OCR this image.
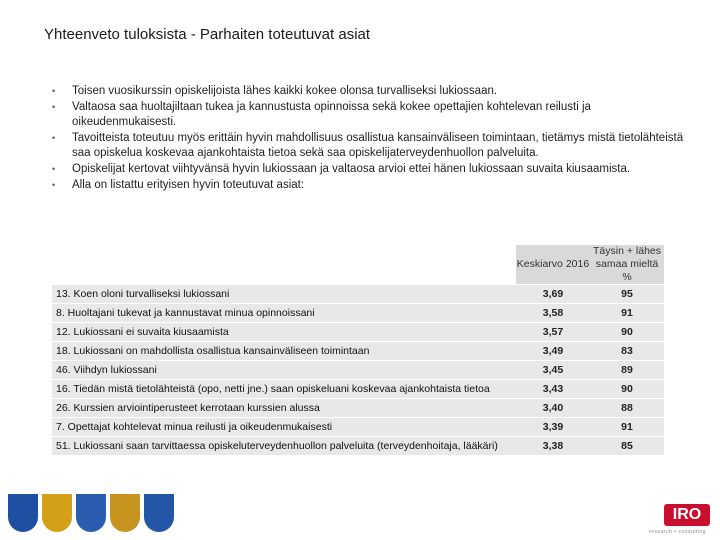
Yhteenveto tuloksista - Parhaiten toteutuvat asiat
• Toisen vuosikurssin opiskelijoista lähes kaikki kokee olonsa turvalliseksi lukiossaan.
• Valtaosa saa huoltajiltaan tukea ja kannustusta opinnoissa sekä kokee opettajien kohtelevan reilusti ja oikeudenmukaisesti.
• Tavoitteista toteutuu myös erittäin hyvin mahdollisuus osallistua kansainväliseen toimintaan, tietämys mistä tietolähteistä saa opiskelua koskevaa ajankohtaista tietoa sekä saa opiskelijaterveydenhuollon palveluita.
• Opiskelijat kertovat viihtyvänsä hyvin lukiossaan ja valtaosa arvioi ettei hänen lukiossaan suvaita kiusaamista.
• Alla on listattu erityisen hyvin toteutuvat asiat:
	Keskiarvo 2016	Täysin + lähes samaa mieltä %
13. Koen oloni turvalliseksi lukiossani	3,69	95
8. Huoltajani tukevat ja kannustavat minua opinnoissani	3,58	91
12. Lukiossani ei suvaita kiusaamista	3,57	90
18. Lukiossani on mahdollista osallistua kansainväliseen toimintaan	3,49	83
46. Viihdyn lukiossani	3,45	89
16. Tiedän mistä tietolähteistä (opo, netti jne.) saan opiskeluani koskevaa ajankohtaista tietoa	3,43	90
26. Kurssien arviointiperusteet kerrotaan kurssien alussa	3,40	88
7. Opettajat kohtelevat minua reilusti ja oikeudenmukaisesti	3,39	91
51. Lukiossani saan tarvittaessa opiskeluterveydenhuollon palveluita (terveydenhoitaja, lääkäri)	3,38	85
IRO
research • consulting
